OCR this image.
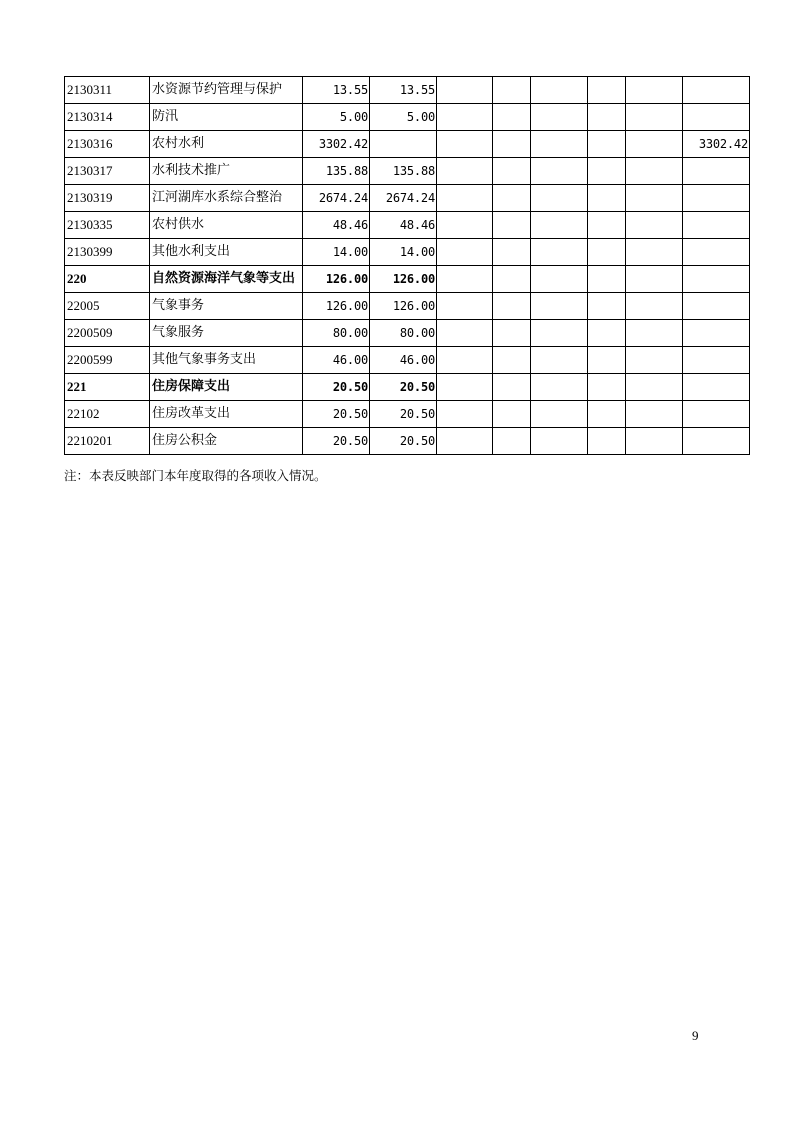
2130311	水资源节约管理与保护	13.55	13.55						
2130314	防汛	5.00	5.00						
2130316	农村水利	3302.42							3302.42
2130317	水利技术推广	135.88	135.88						
2130319	江河湖库水系综合整治	2674.24	2674.24						
2130335	农村供水	48.46	48.46						
2130399	其他水利支出	14.00	14.00						
220	自然资源海洋气象等支出	126.00	126.00						
22005	气象事务	126.00	126.00						
2200509	气象服务	80.00	80.00						
2200599	其他气象事务支出	46.00	46.00						
221	住房保障支出	20.50	20.50						
22102	住房改革支出	20.50	20.50						
2210201	住房公积金	20.50	20.50						
注：本表反映部门本年度取得的各项收入情况。
9
